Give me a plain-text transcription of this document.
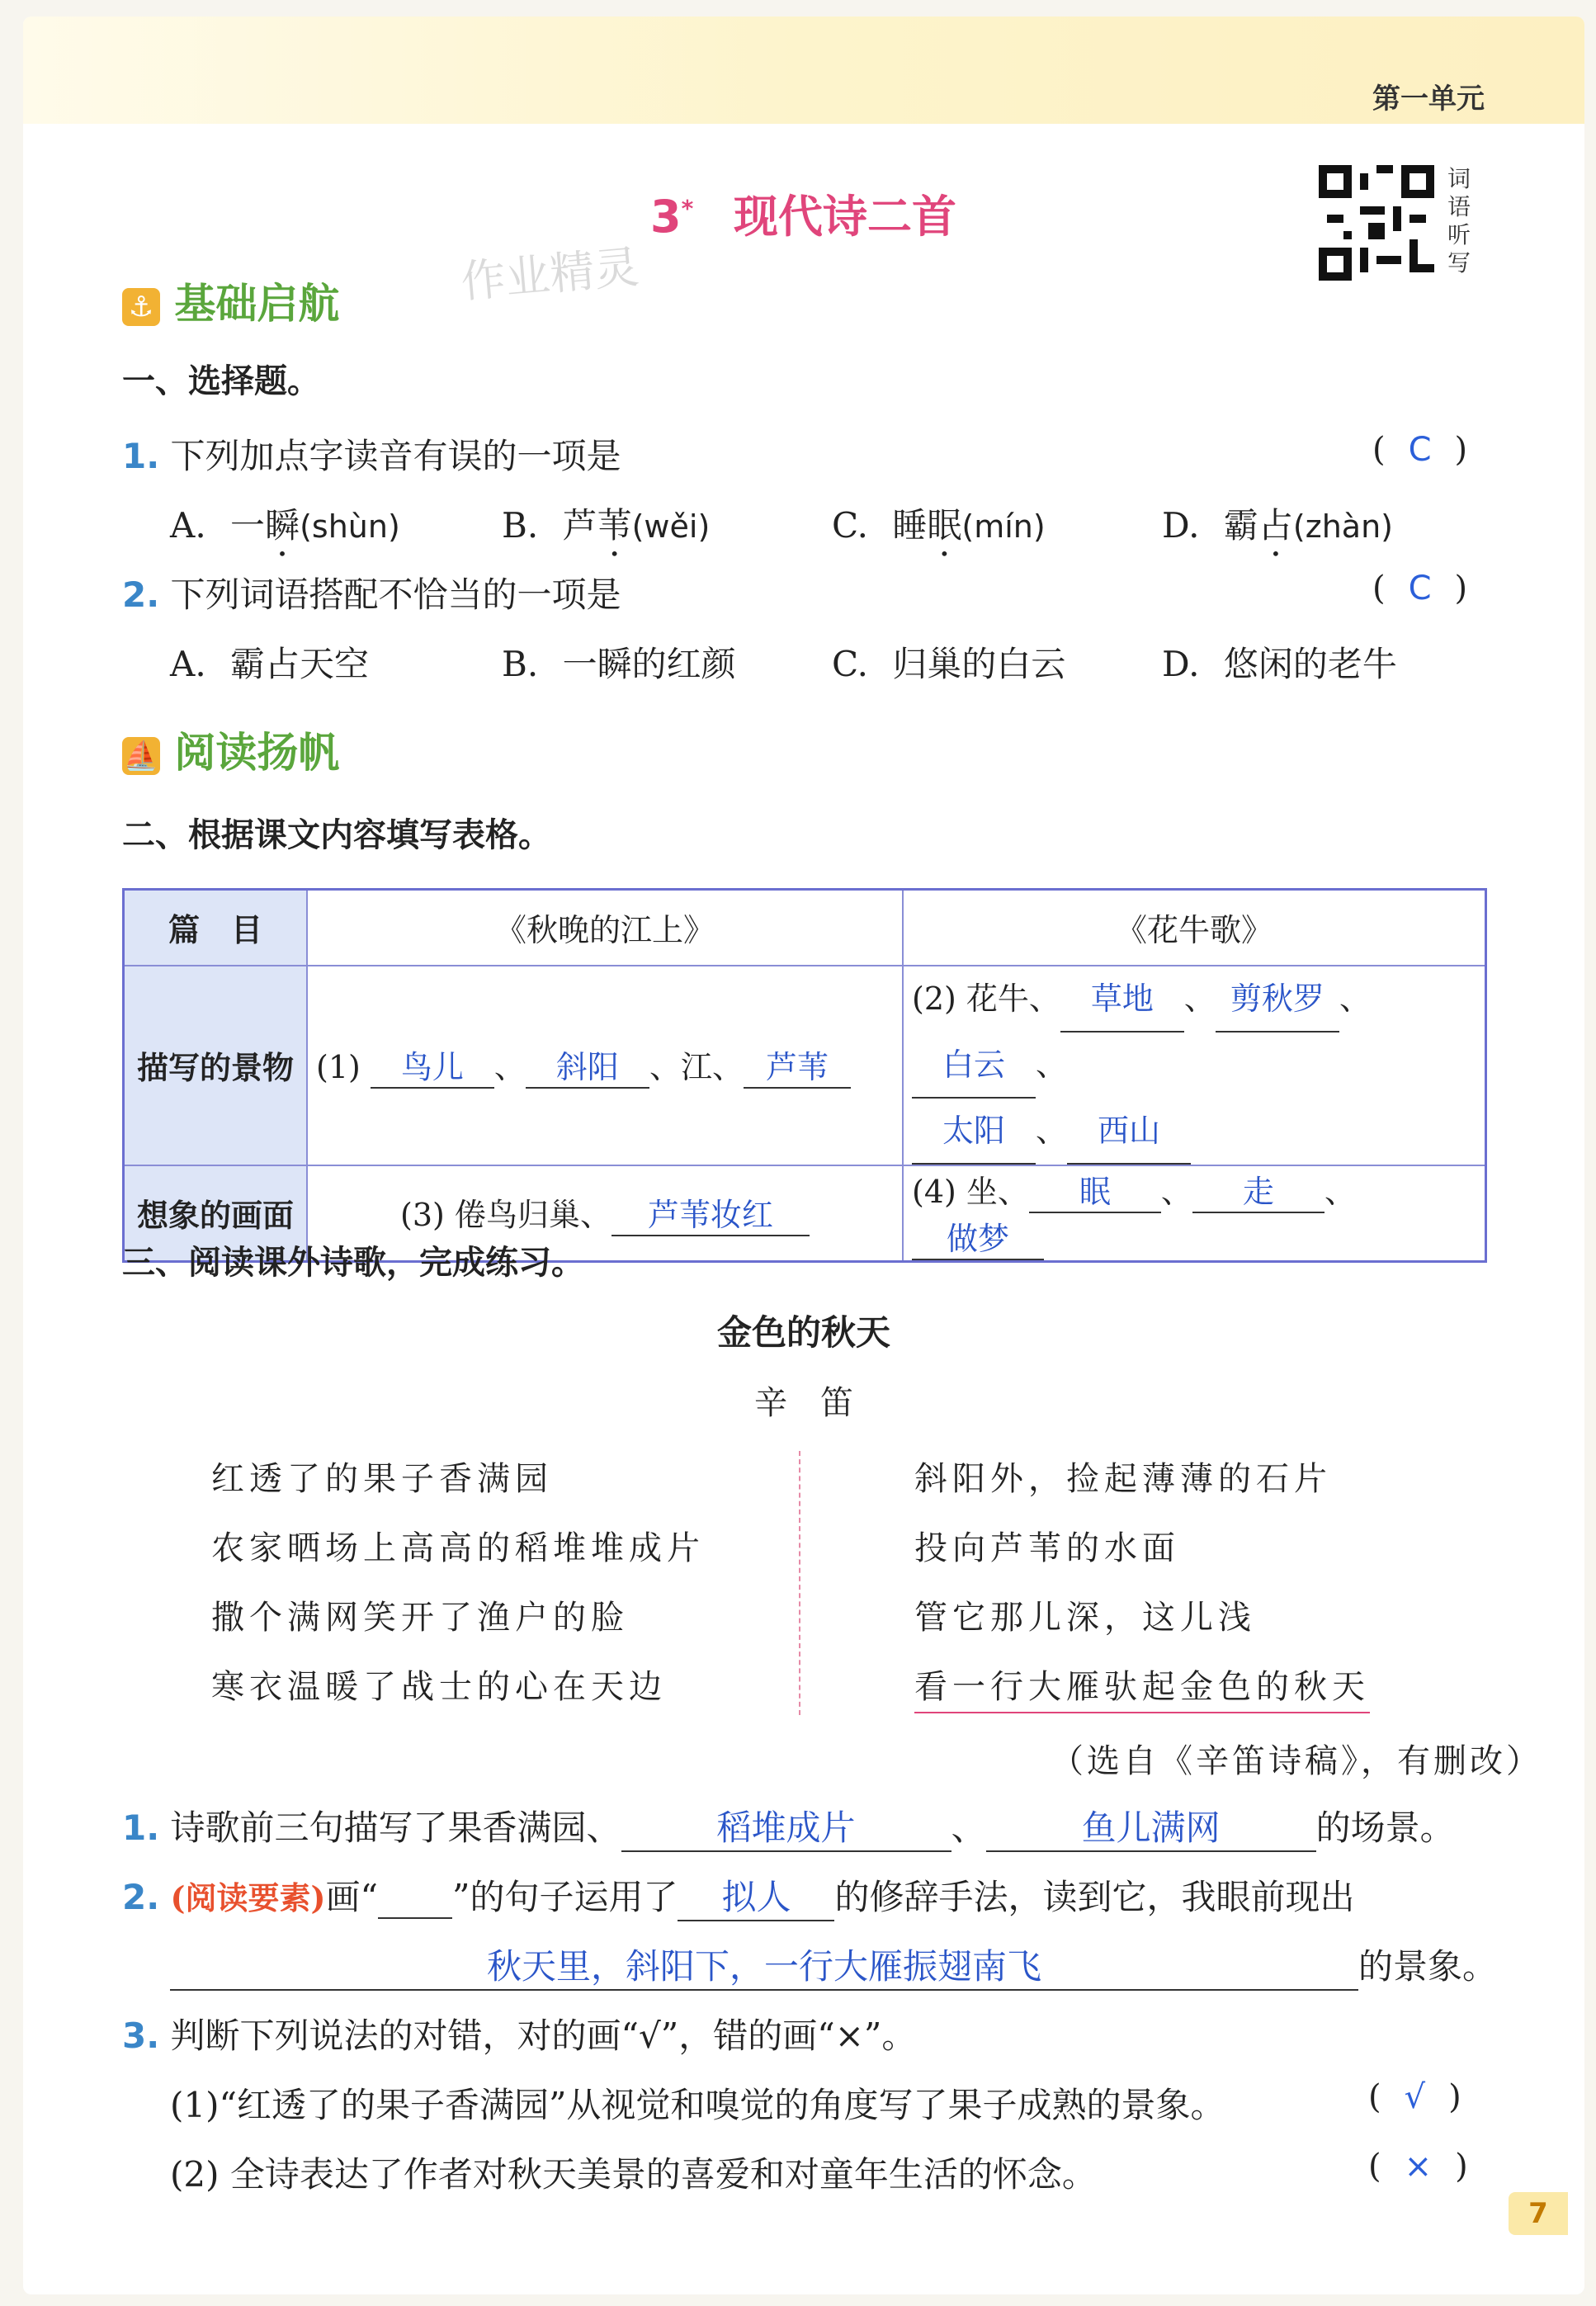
第一单元
3* 现代诗二首
词语听写
作业精灵
⚓ 基础启航
一、选择题。
1. 下列加点字读音有误的一项是	( C )
A. 一瞬(shùn)	B. 芦苇(wěi)	C. 睡眠(mín)	D. 霸占(zhàn)
2. 下列词语搭配不恰当的一项是	( C )
A. 霸占天空	B. 一瞬的红颜	C. 归巢的白云	D. 悠闲的老牛
⛵ 阅读扬帆
二、根据课文内容填写表格。
篇　目	《秋晚的江上》	《花牛歌》
描写的景物	(1) 鸟儿 、 斜阳 、江、 芦苇	(2) 花牛、 草地 、 剪秋罗 、白云 、
太阳 、 西山
想象的画面	(3) 倦鸟归巢、 芦苇妆红	(4) 坐、 眠 、 走 、做梦
三、阅读课外诗歌，完成练习。
金色的秋天
辛　笛
红透了的果子香满园
农家晒场上高高的稻堆堆成片
撒个满网笑开了渔户的脸
寒衣温暖了战士的心在天边
斜阳外，捡起薄薄的石片
投向芦苇的水面
管它那儿深，这儿浅
看一行大雁驮起金色的秋天
（选自《辛笛诗稿》，有删改）
1. 诗歌前三句描写了果香满园、	稻堆成片	、	鱼儿满网	的场景。
2. (阅读要素)画“ ”的句子运用了 拟人 的修辞手法，读到它，我眼前现出
秋天里，斜阳下，一行大雁振翅南飞	的景象。
3. 判断下列说法的对错，对的画“√”，错的画“×”。
(1)“红透了的果子香满园”从视觉和嗅觉的角度写了果子成熟的景象。	( √ )
(2) 全诗表达了作者对秋天美景的喜爱和对童年生活的怀念。	( × )
7
